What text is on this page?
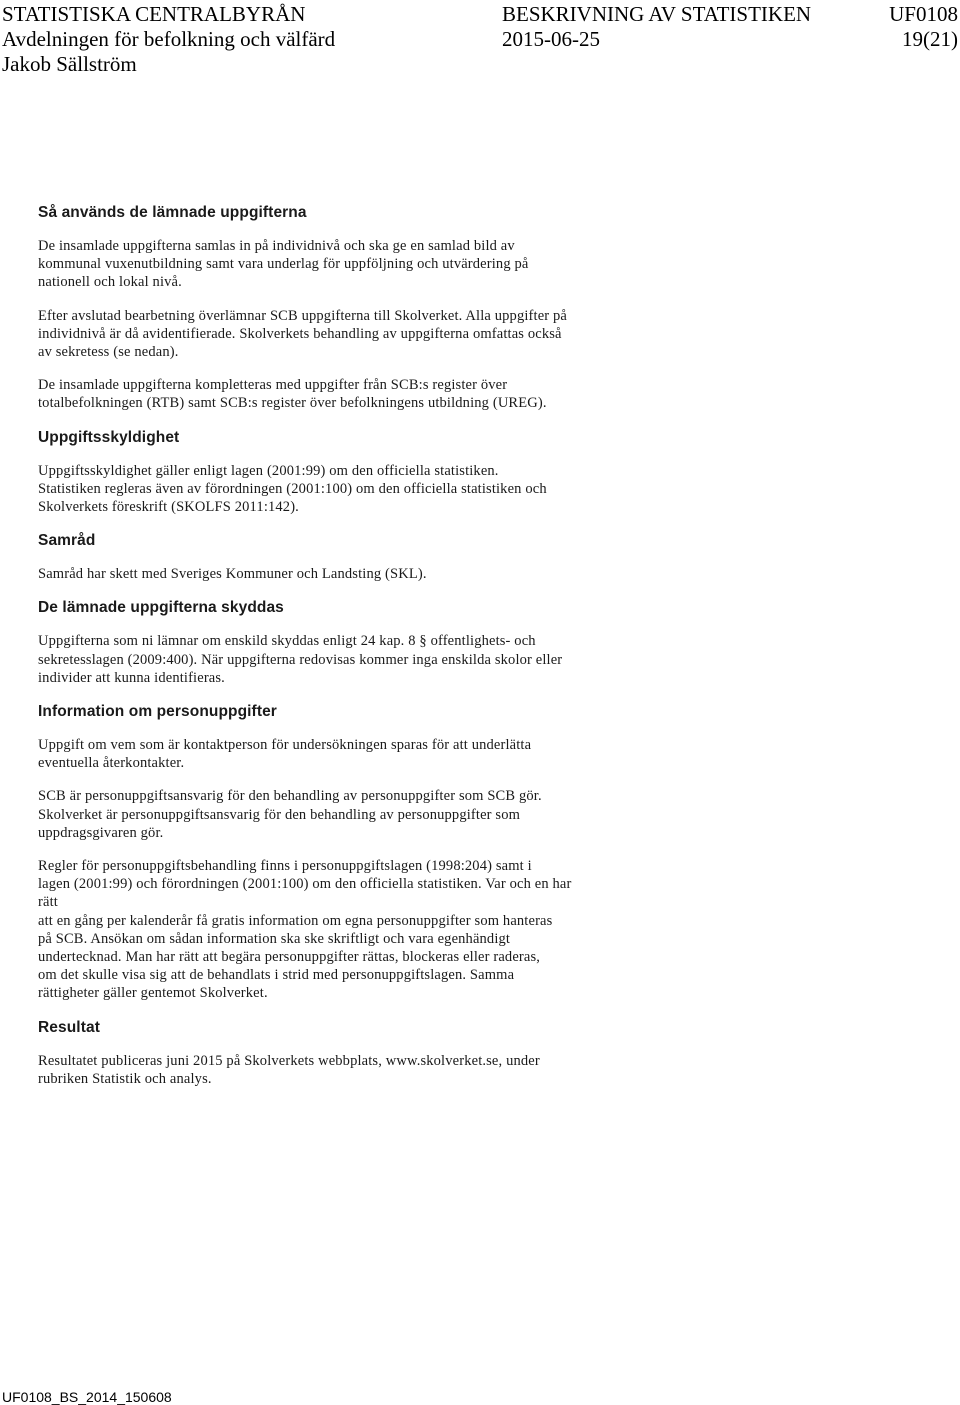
STATISTISKA CENTRALBYRÅN
Avdelningen för befolkning och välfärd
Jakob Sällström
BESKRIVNING AV STATISTIKEN
2015-06-25
UF0108
19(21)
Så används de lämnade uppgifterna
De insamlade uppgifterna samlas in på individnivå och ska ge en samlad bild av
kommunal vuxenutbildning samt vara underlag för uppföljning och utvärdering på
nationell och lokal nivå.
Efter avslutad bearbetning överlämnar SCB uppgifterna till Skolverket. Alla uppgifter på
individnivå är då avidentifierade. Skolverkets behandling av uppgifterna omfattas också
av sekretess (se nedan).
De insamlade uppgifterna kompletteras med uppgifter från SCB:s register över
totalbefolkningen (RTB) samt SCB:s register över befolkningens utbildning (UREG).
Uppgiftsskyldighet
Uppgiftsskyldighet gäller enligt lagen (2001:99) om den officiella statistiken.
Statistiken regleras även av förordningen (2001:100) om den officiella statistiken och
Skolverkets föreskrift (SKOLFS 2011:142).
Samråd
Samråd har skett med Sveriges Kommuner och Landsting (SKL).
De lämnade uppgifterna skyddas
Uppgifterna som ni lämnar om enskild skyddas enligt 24 kap. 8 § offentlighets- och
sekretesslagen (2009:400). När uppgifterna redovisas kommer inga enskilda skolor eller
individer att kunna identifieras.
Information om personuppgifter
Uppgift om vem som är kontaktperson för undersökningen sparas för att underlätta
eventuella återkontakter.
SCB är personuppgiftsansvarig för den behandling av personuppgifter som SCB gör.
Skolverket är personuppgiftsansvarig för den behandling av personuppgifter som
uppdragsgivaren gör.
Regler för personuppgiftsbehandling finns i personuppgiftslagen (1998:204) samt i
lagen (2001:99) och förordningen (2001:100) om den officiella statistiken. Var och en har
rätt
att en gång per kalenderår få gratis information om egna personuppgifter som hanteras
på SCB. Ansökan om sådan information ska ske skriftligt och vara egenhändigt
undertecknad. Man har rätt att begära personuppgifter rättas, blockeras eller raderas,
om det skulle visa sig att de behandlats i strid med personuppgiftslagen. Samma
rättigheter gäller gentemot Skolverket.
Resultat
Resultatet publiceras juni 2015 på Skolverkets webbplats, www.skolverket.se, under
rubriken Statistik och analys.
UF0108_BS_2014_150608
